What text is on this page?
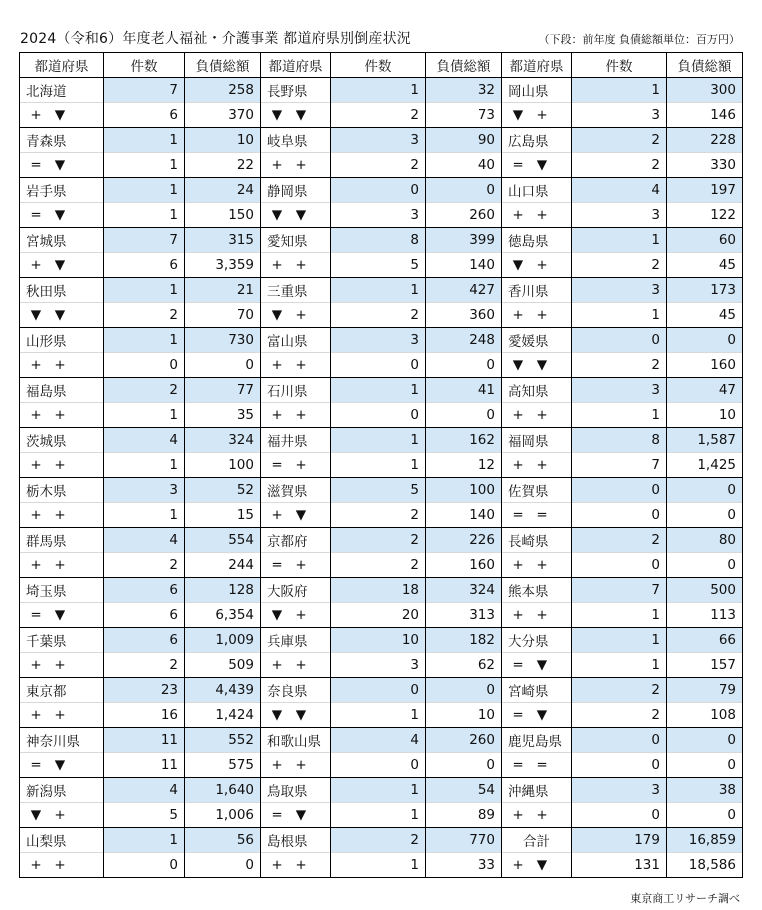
2024（令和6）年度老人福祉・介護事業 都道府県別倒産状況	（下段：前年度 負債総額単位：百万円）
都道府県	件数	負債総額
北海道	7	258
+ ▼	6	370
青森県	1	10
= ▼	1	22
岩手県	1	24
= ▼	1	150
宮城県	7	315
+ ▼	6	3,359
秋田県	1	21
▼ ▼	2	70
山形県	1	730
+ +	0	0
福島県	2	77
+ +	1	35
茨城県	4	324
+ +	1	100
栃木県	3	52
+ +	1	15
群馬県	4	554
+ +	2	244
埼玉県	6	128
= ▼	6	6,354
千葉県	6	1,009
+ +	2	509
東京都	23	4,439
+ +	16	1,424
神奈川県	11	552
= ▼	11	575
新潟県	4	1,640
▼ +	5	1,006
山梨県	1	56
+ +	0	0
都道府県	件数	負債総額
長野県	1	32
▼ ▼	2	73
岐阜県	3	90
+ +	2	40
静岡県	0	0
▼ ▼	3	260
愛知県	8	399
+ +	5	140
三重県	1	427
▼ +	2	360
富山県	3	248
+ +	0	0
石川県	1	41
+ +	0	0
福井県	1	162
= +	1	12
滋賀県	5	100
+ ▼	2	140
京都府	2	226
= +	2	160
大阪府	18	324
▼ +	20	313
兵庫県	10	182
+ +	3	62
奈良県	0	0
▼ ▼	1	10
和歌山県	4	260
+ +	0	0
鳥取県	1	54
= ▼	1	89
島根県	2	770
+ +	1	33
都道府県	件数	負債総額
岡山県	1	300
▼ +	3	146
広島県	2	228
= ▼	2	330
山口県	4	197
+ +	3	122
徳島県	1	60
▼ +	2	45
香川県	3	173
+ +	1	45
愛媛県	0	0
▼ ▼	2	160
高知県	3	47
+ +	1	10
福岡県	8	1,587
+ +	7	1,425
佐賀県	0	0
= =	0	0
長崎県	2	80
+ +	0	0
熊本県	7	500
+ +	1	113
大分県	1	66
= ▼	1	157
宮崎県	2	79
= ▼	2	108
鹿児島県	0	0
= =	0	0
沖縄県	3	38
+ +	0	0
合計	179	16,859
+ ▼	131	18,586
東京商工リサーチ調べ
